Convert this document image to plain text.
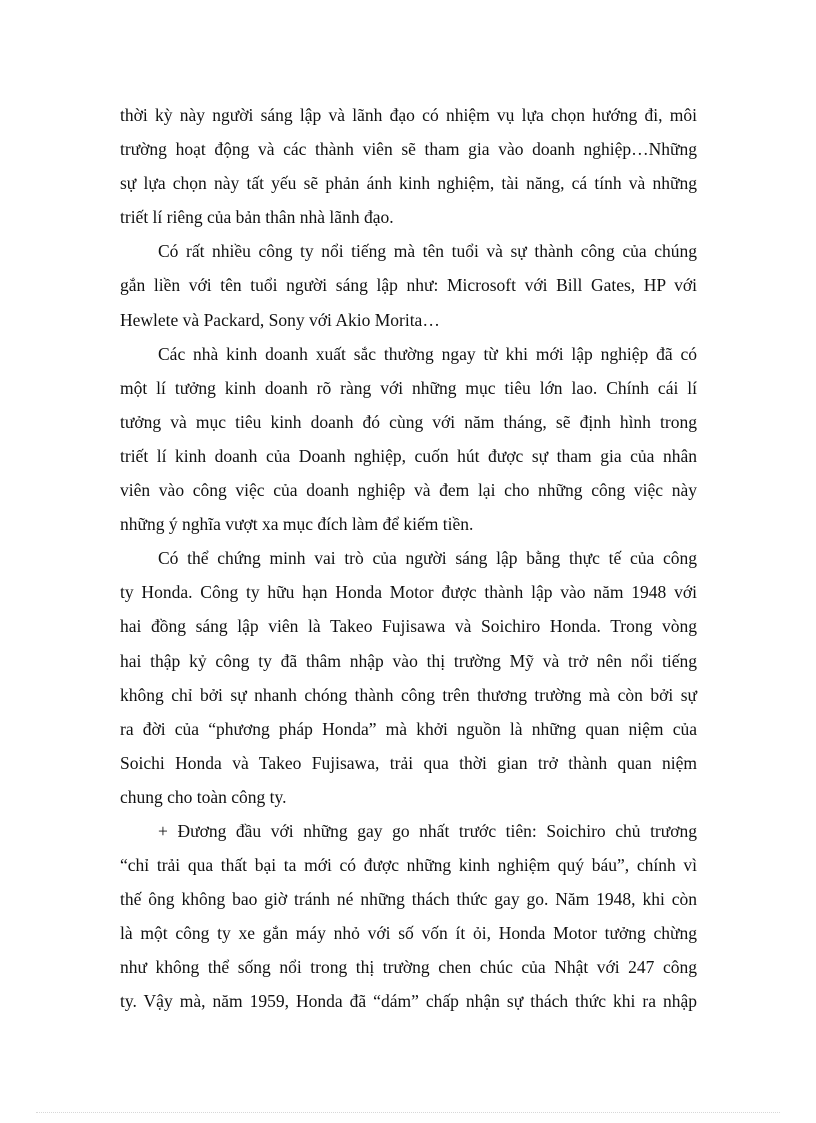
thời kỳ này người sáng lập và lãnh đạo có nhiệm vụ lựa chọn hướng đi, môi
trường hoạt động và các thành viên sẽ tham gia vào doanh nghiệp…Những
sự lựa chọn này tất yếu sẽ phản ánh kinh nghiệm, tài năng, cá tính và những
triết lí riêng của bản thân nhà lãnh đạo.
Có rất nhiều công ty nổi tiếng mà tên tuổi và sự thành công của chúng
gắn liền với tên tuổi người sáng lập như: Microsoft với Bill Gates, HP với
Hewlete và Packard, Sony với Akio Morita…
Các nhà kinh doanh xuất sắc thường ngay từ khi mới lập nghiệp đã có
một lí tưởng kinh doanh rõ ràng với những mục tiêu lớn lao. Chính cái lí
tưởng và mục tiêu kinh doanh đó cùng với năm tháng, sẽ định hình trong
triết lí kinh doanh của Doanh nghiệp, cuốn hút được sự tham gia của nhân
viên vào công việc của doanh nghiệp và đem lại cho những công việc này
những ý nghĩa vượt xa mục đích làm để kiếm tiền.
Có thể chứng minh vai trò của người sáng lập bằng thực tế của công
ty Honda. Công ty hữu hạn Honda Motor được thành lập vào năm 1948 với
hai đồng sáng lập viên là Takeo Fujisawa và Soichiro Honda. Trong vòng
hai thập kỷ công ty đã thâm nhập vào thị trường Mỹ và trở nên nổi tiếng
không chỉ bởi sự nhanh chóng thành công trên thương trường mà còn bởi sự
ra đời của “phương pháp Honda” mà khởi nguồn là những quan niệm của
Soichi Honda và Takeo Fujisawa, trải qua thời gian trở thành quan niệm
chung cho toàn công ty.
+ Đương đầu với những gay go nhất trước tiên: Soichiro chủ trương
“chỉ trải qua thất bại ta mới có được những kinh nghiệm quý báu”, chính vì
thế ông không bao giờ tránh né những thách thức gay go. Năm 1948, khi còn
là một công ty xe gắn máy nhỏ với số vốn ít ỏi, Honda Motor tưởng chừng
như không thể sống nổi trong thị trường chen chúc của Nhật với 247 công
ty. Vậy mà, năm 1959, Honda đã “dám” chấp nhận sự thách thức khi ra nhập
